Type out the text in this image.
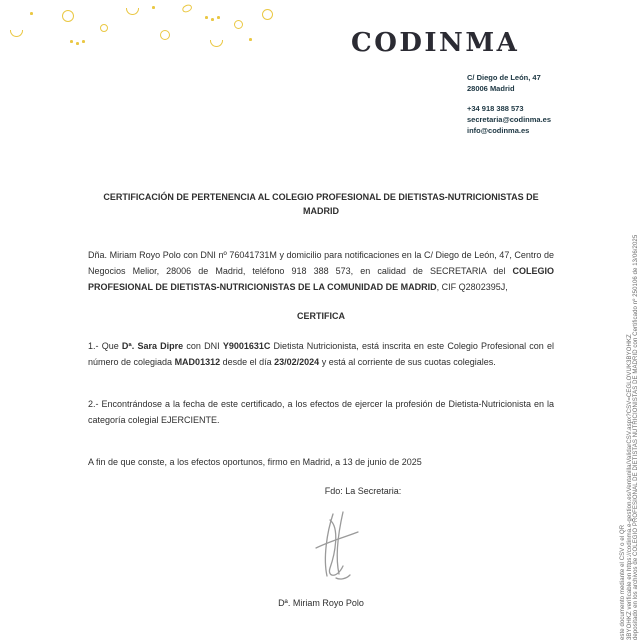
CODINMA
C/ Diego de León, 47
28006 Madrid
+34 918 388 573
secretaria@codinma.es
info@codinma.es

CERTIFICACIÓN DE PERTENENCIA AL COLEGIO PROFESIONAL DE DIETISTAS-NUTRICIONISTAS DE MADRID

Dña. Miriam Royo Polo con DNI nº 76041731M y domicilio para notificaciones en la C/ Diego de León, 47, Centro de Negocios Melior, 28006 de Madrid, teléfono 918 388 573, en calidad de SECRETARIA del COLEGIO PROFESIONAL DE DIETISTAS-NUTRICIONISTAS DE LA COMUNIDAD DE MADRID, CIF Q2802395J,

CERTIFICA

1.- Que Dª. Sara Dipre con DNI Y9001631C Dietista Nutricionista, está inscrita en este Colegio Profesional con el número de colegiada MAD01312 desde el día 23/02/2024 y está al corriente de sus cuotas colegiales.

2.- Encontrándose a la fecha de este certificado, a los efectos de ejercer la profesión de Dietista-Nutricionista en la categoría colegial EJERCIENTE.

A fin de que conste, a los efectos oportunos, firmo en Madrid, a 13 de junio de 2025

Fdo: La Secretaria:

Dª. Miriam Royo Polo	este documento mediante el CSV o el QR 3BYOHKZ verificable en https://codinma.e-gestion.es/Ventanilla/ValidarCSV.aspx?CSV=CEGLOVUK3BYOHKZ depositado en los archivos de COLEGIO PROFESIONAL DE DIETISTAS NUTRICIONISTAS DE MADRID con Certificado nº 250106 de 13/06/2025
